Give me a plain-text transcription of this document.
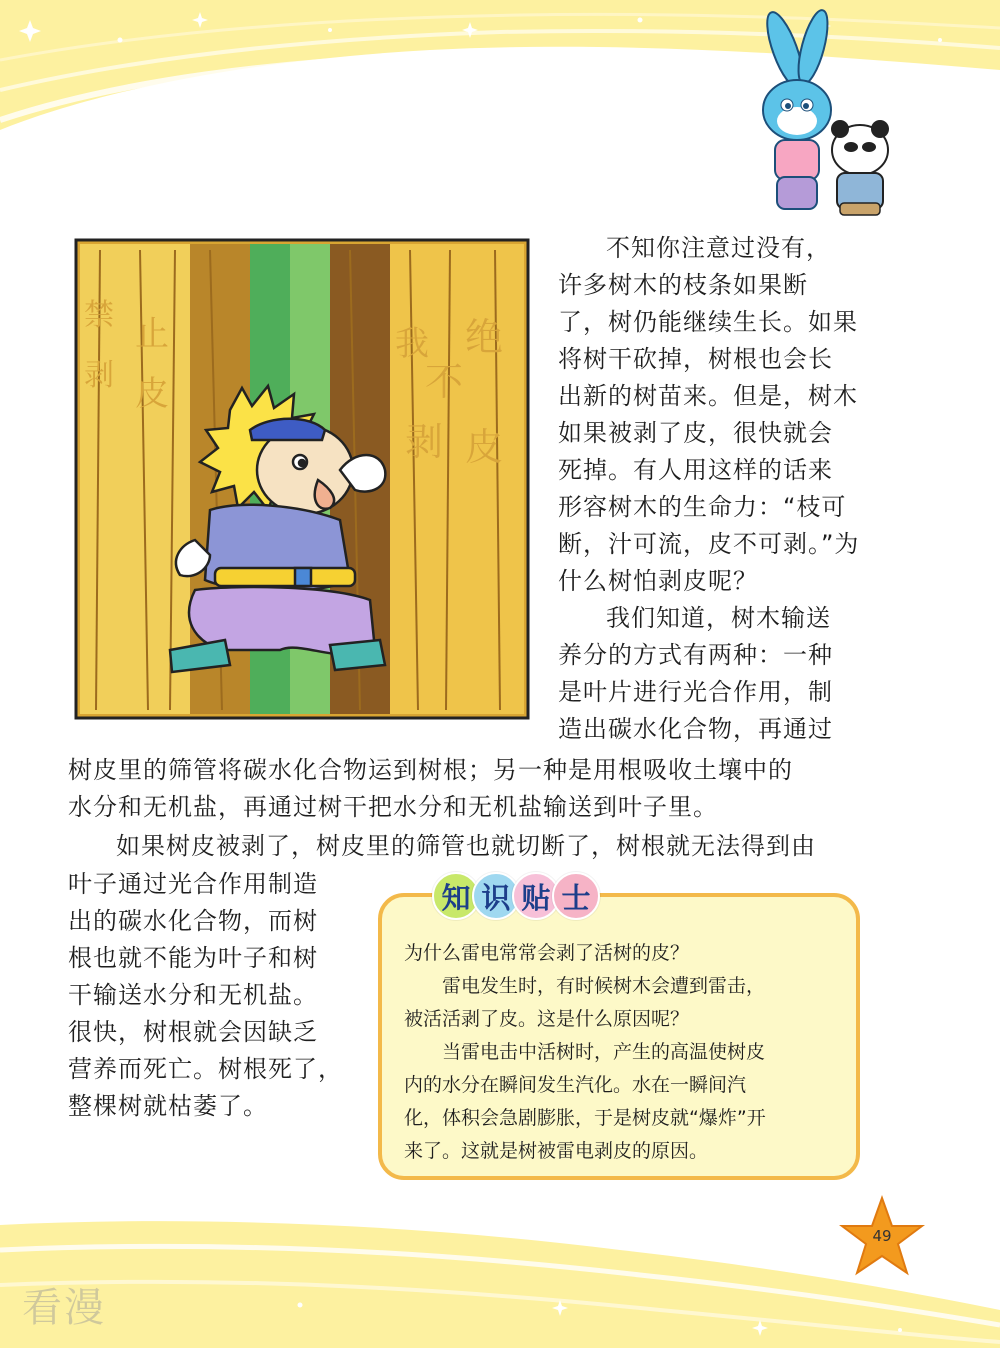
禁 止
剥 皮
绝
不
剥 皮
我
不知你注意过没有，
许多树木的枝条如果断
了，树仍能继续生长。如果
将树干砍掉，树根也会长
出新的树苗来。但是，树木
如果被剥了皮，很快就会
死掉。有人用这样的话来
形容树木的生命力：“枝可
断，汁可流，皮不可剥。”为
什么树怕剥皮呢？
我们知道，树木输送
养分的方式有两种：一种
是叶片进行光合作用，制
造出碳水化合物，再通过
树皮里的筛管将碳水化合物运到树根；另一种是用根吸收土壤中的
水分和无机盐，再通过树干把水分和无机盐输送到叶子里。
如果树皮被剥了，树皮里的筛管也就切断了，树根就无法得到由
叶子通过光合作用制造
出的碳水化合物，而树
根也就不能为叶子和树
干输送水分和无机盐。
很快，树根就会因缺乏
营养而死亡。树根死了，
整棵树就枯萎了。
知 识 贴 士
为什么雷电常常会剥了活树的皮？
雷电发生时，有时候树木会遭到雷击，
被活活剥了皮。这是什么原因呢？
当雷电击中活树时，产生的高温使树皮
内的水分在瞬间发生汽化。水在一瞬间汽
化，体积会急剧膨胀，于是树皮就“爆炸”开
来了。这就是树被雷电剥皮的原因。
49
看漫
